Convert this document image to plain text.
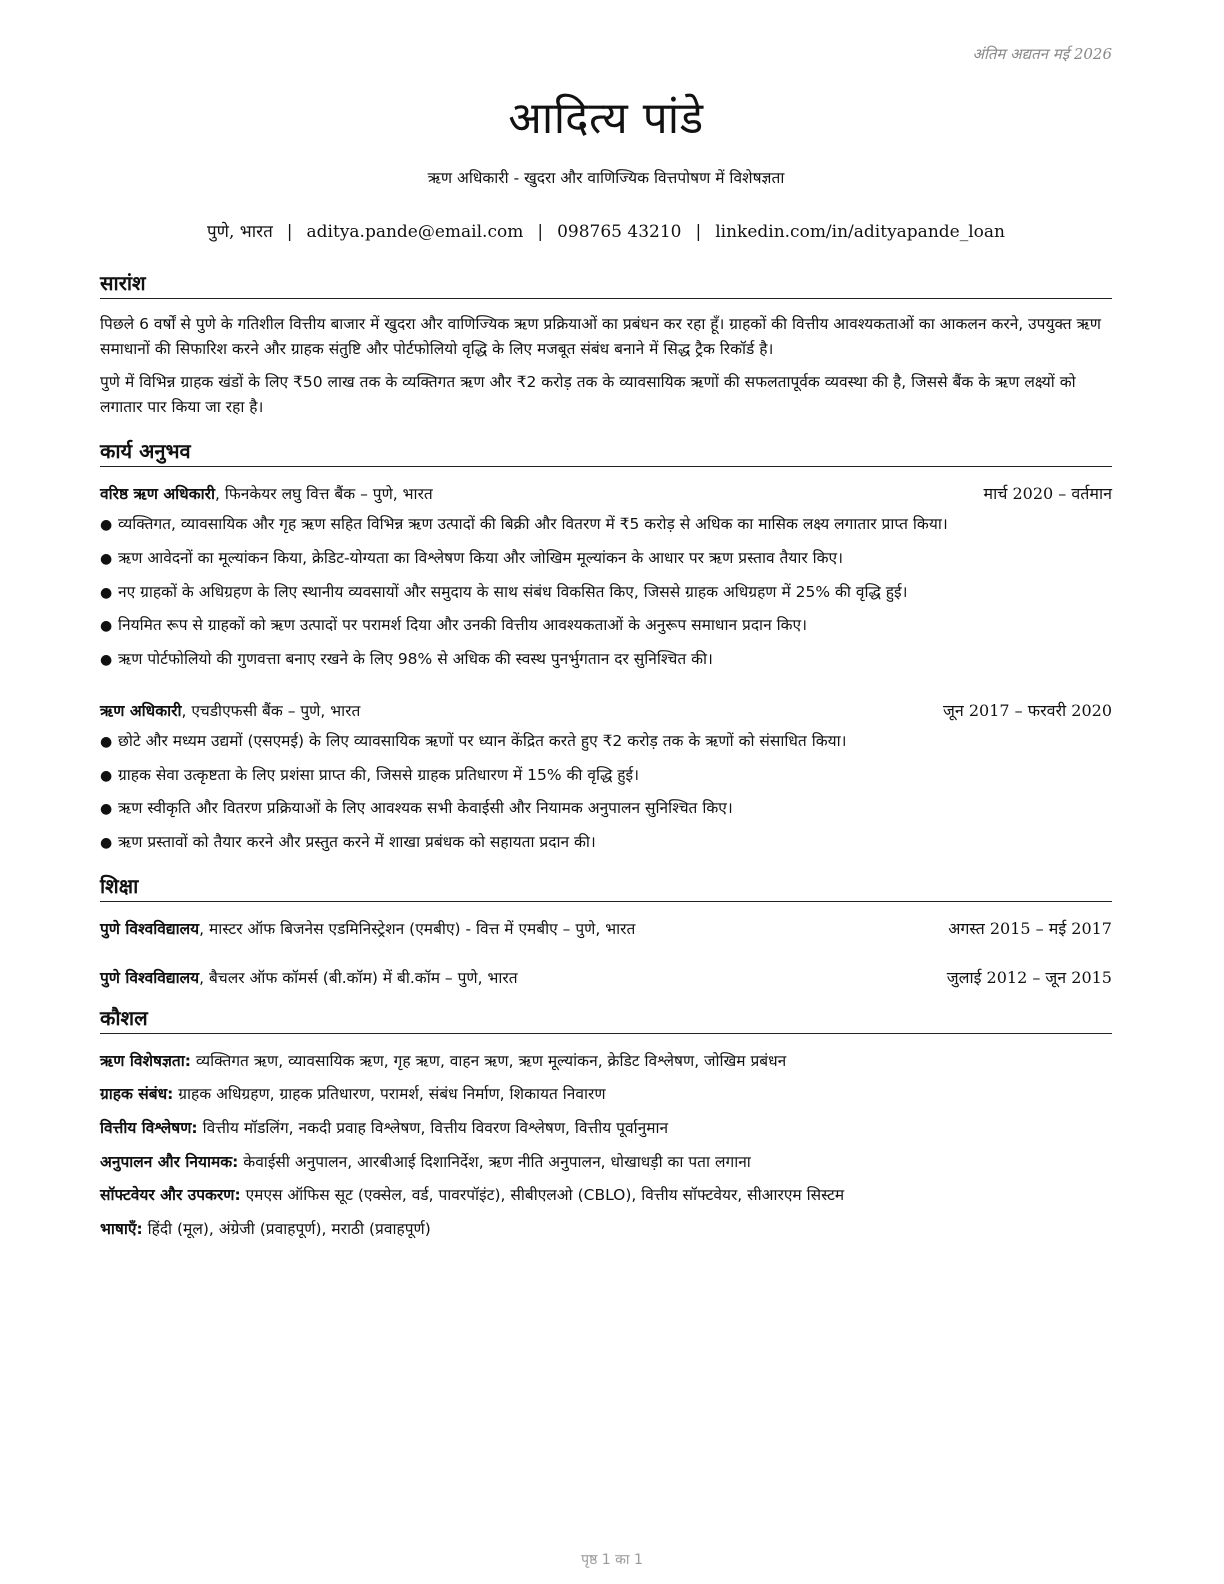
अंतिम अद्यतन मई 2026
आदित्य पांडे
ऋण अधिकारी - खुदरा और वाणिज्यिक वित्तपोषण में विशेषज्ञता
पुणे, भारत | aditya.pande@email.com | 098765 43210 | linkedin.com/in/adityapande_loan
सारांश
पिछले 6 वर्षों से पुणे के गतिशील वित्तीय बाजार में खुदरा और वाणिज्यिक ऋण प्रक्रियाओं का प्रबंधन कर रहा हूँ। ग्राहकों की वित्तीय आवश्यकताओं का आकलन करने, उपयुक्त ऋण समाधानों की सिफारिश करने और ग्राहक संतुष्टि और पोर्टफोलियो वृद्धि के लिए मजबूत संबंध बनाने में सिद्ध ट्रैक रिकॉर्ड है।
पुणे में विभिन्न ग्राहक खंडों के लिए ₹50 लाख तक के व्यक्तिगत ऋण और ₹2 करोड़ तक के व्यावसायिक ऋणों की सफलतापूर्वक व्यवस्था की है, जिससे बैंक के ऋण लक्ष्यों को लगातार पार किया जा रहा है।
कार्य अनुभव
वरिष्ठ ऋण अधिकारी, फिनकेयर लघु वित्त बैंक – पुणे, भारत	मार्च 2020 – वर्तमान
● व्यक्तिगत, व्यावसायिक और गृह ऋण सहित विभिन्न ऋण उत्पादों की बिक्री और वितरण में ₹5 करोड़ से अधिक का मासिक लक्ष्य लगातार प्राप्त किया।
● ऋण आवेदनों का मूल्यांकन किया, क्रेडिट-योग्यता का विश्लेषण किया और जोखिम मूल्यांकन के आधार पर ऋण प्रस्ताव तैयार किए।
● नए ग्राहकों के अधिग्रहण के लिए स्थानीय व्यवसायों और समुदाय के साथ संबंध विकसित किए, जिससे ग्राहक अधिग्रहण में 25% की वृद्धि हुई।
● नियमित रूप से ग्राहकों को ऋण उत्पादों पर परामर्श दिया और उनकी वित्तीय आवश्यकताओं के अनुरूप समाधान प्रदान किए।
● ऋण पोर्टफोलियो की गुणवत्ता बनाए रखने के लिए 98% से अधिक की स्वस्थ पुनर्भुगतान दर सुनिश्चित की।
ऋण अधिकारी, एचडीएफसी बैंक – पुणे, भारत	जून 2017 – फरवरी 2020
● छोटे और मध्यम उद्यमों (एसएमई) के लिए व्यावसायिक ऋणों पर ध्यान केंद्रित करते हुए ₹2 करोड़ तक के ऋणों को संसाधित किया।
● ग्राहक सेवा उत्कृष्टता के लिए प्रशंसा प्राप्त की, जिससे ग्राहक प्रतिधारण में 15% की वृद्धि हुई।
● ऋण स्वीकृति और वितरण प्रक्रियाओं के लिए आवश्यक सभी केवाईसी और नियामक अनुपालन सुनिश्चित किए।
● ऋण प्रस्तावों को तैयार करने और प्रस्तुत करने में शाखा प्रबंधक को सहायता प्रदान की।
शिक्षा
पुणे विश्वविद्यालय, मास्टर ऑफ बिजनेस एडमिनिस्ट्रेशन (एमबीए) - वित्त में एमबीए – पुणे, भारत	अगस्त 2015 – मई 2017
पुणे विश्वविद्यालय, बैचलर ऑफ कॉमर्स (बी.कॉम) में बी.कॉम – पुणे, भारत	जुलाई 2012 – जून 2015
कौशल
ऋण विशेषज्ञता: व्यक्तिगत ऋण, व्यावसायिक ऋण, गृह ऋण, वाहन ऋण, ऋण मूल्यांकन, क्रेडिट विश्लेषण, जोखिम प्रबंधन
ग्राहक संबंध: ग्राहक अधिग्रहण, ग्राहक प्रतिधारण, परामर्श, संबंध निर्माण, शिकायत निवारण
वित्तीय विश्लेषण: वित्तीय मॉडलिंग, नकदी प्रवाह विश्लेषण, वित्तीय विवरण विश्लेषण, वित्तीय पूर्वानुमान
अनुपालन और नियामक: केवाईसी अनुपालन, आरबीआई दिशानिर्देश, ऋण नीति अनुपालन, धोखाधड़ी का पता लगाना
सॉफ्टवेयर और उपकरण: एमएस ऑफिस सूट (एक्सेल, वर्ड, पावरपॉइंट), सीबीएलओ (CBLO), वित्तीय सॉफ्टवेयर, सीआरएम सिस्टम
भाषाएँ: हिंदी (मूल), अंग्रेजी (प्रवाहपूर्ण), मराठी (प्रवाहपूर्ण)
पृष्ठ 1 का 1
